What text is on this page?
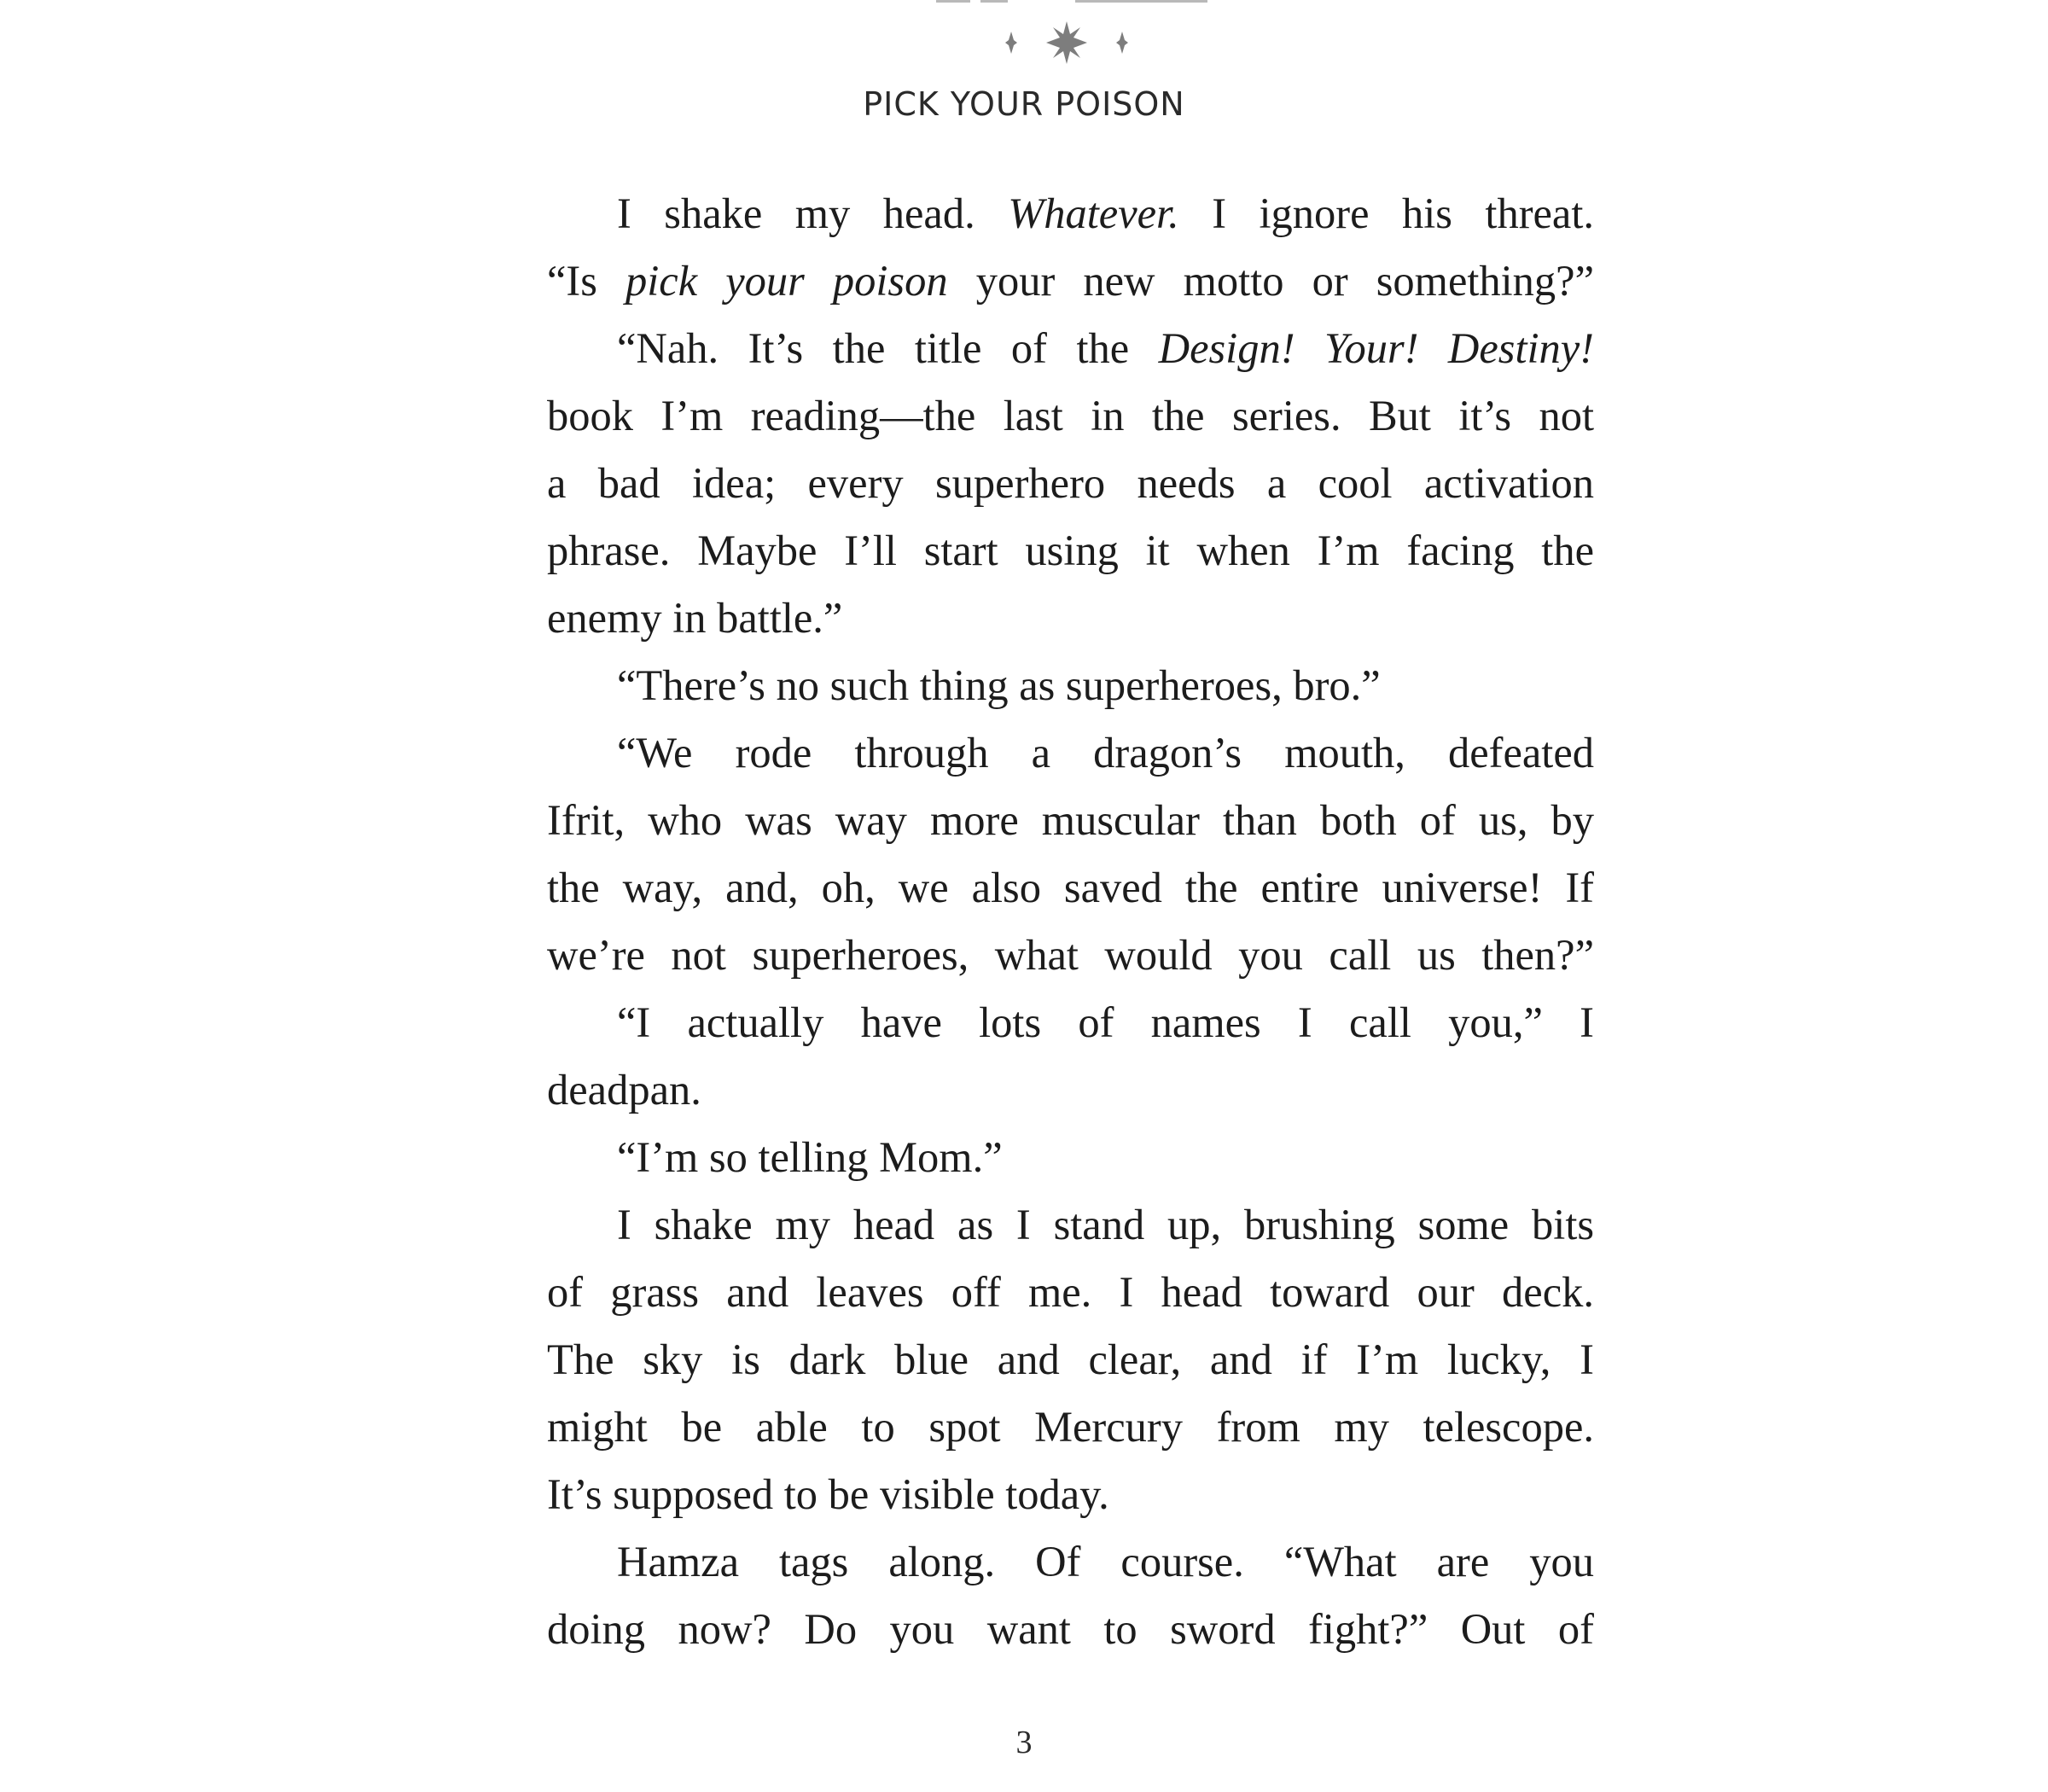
PICK YOUR POISON
I shake my head. Whatever. I ignore his threat.
“Is pick your poison your new motto or something?”
“Nah. It’s the title of the Design! Your! Destiny!
book I’m reading—the last in the series. But it’s not
a bad idea; every superhero needs a cool activation
phrase. Maybe I’ll start using it when I’m facing the
enemy in battle.”
“There’s no such thing as superheroes, bro.”
“We rode through a dragon’s mouth, defeated
Ifrit, who was way more muscular than both of us, by
the way, and, oh, we also saved the entire universe! If
we’re not superheroes, what would you call us then?”
“I actually have lots of names I call you,” I
deadpan.
“I’m so telling Mom.”
I shake my head as I stand up, brushing some bits
of grass and leaves off me. I head toward our deck.
The sky is dark blue and clear, and if I’m lucky, I
might be able to spot Mercury from my telescope.
It’s supposed to be visible today.
Hamza tags along. Of course. “What are you
doing now? Do you want to sword fight?” Out of
3
